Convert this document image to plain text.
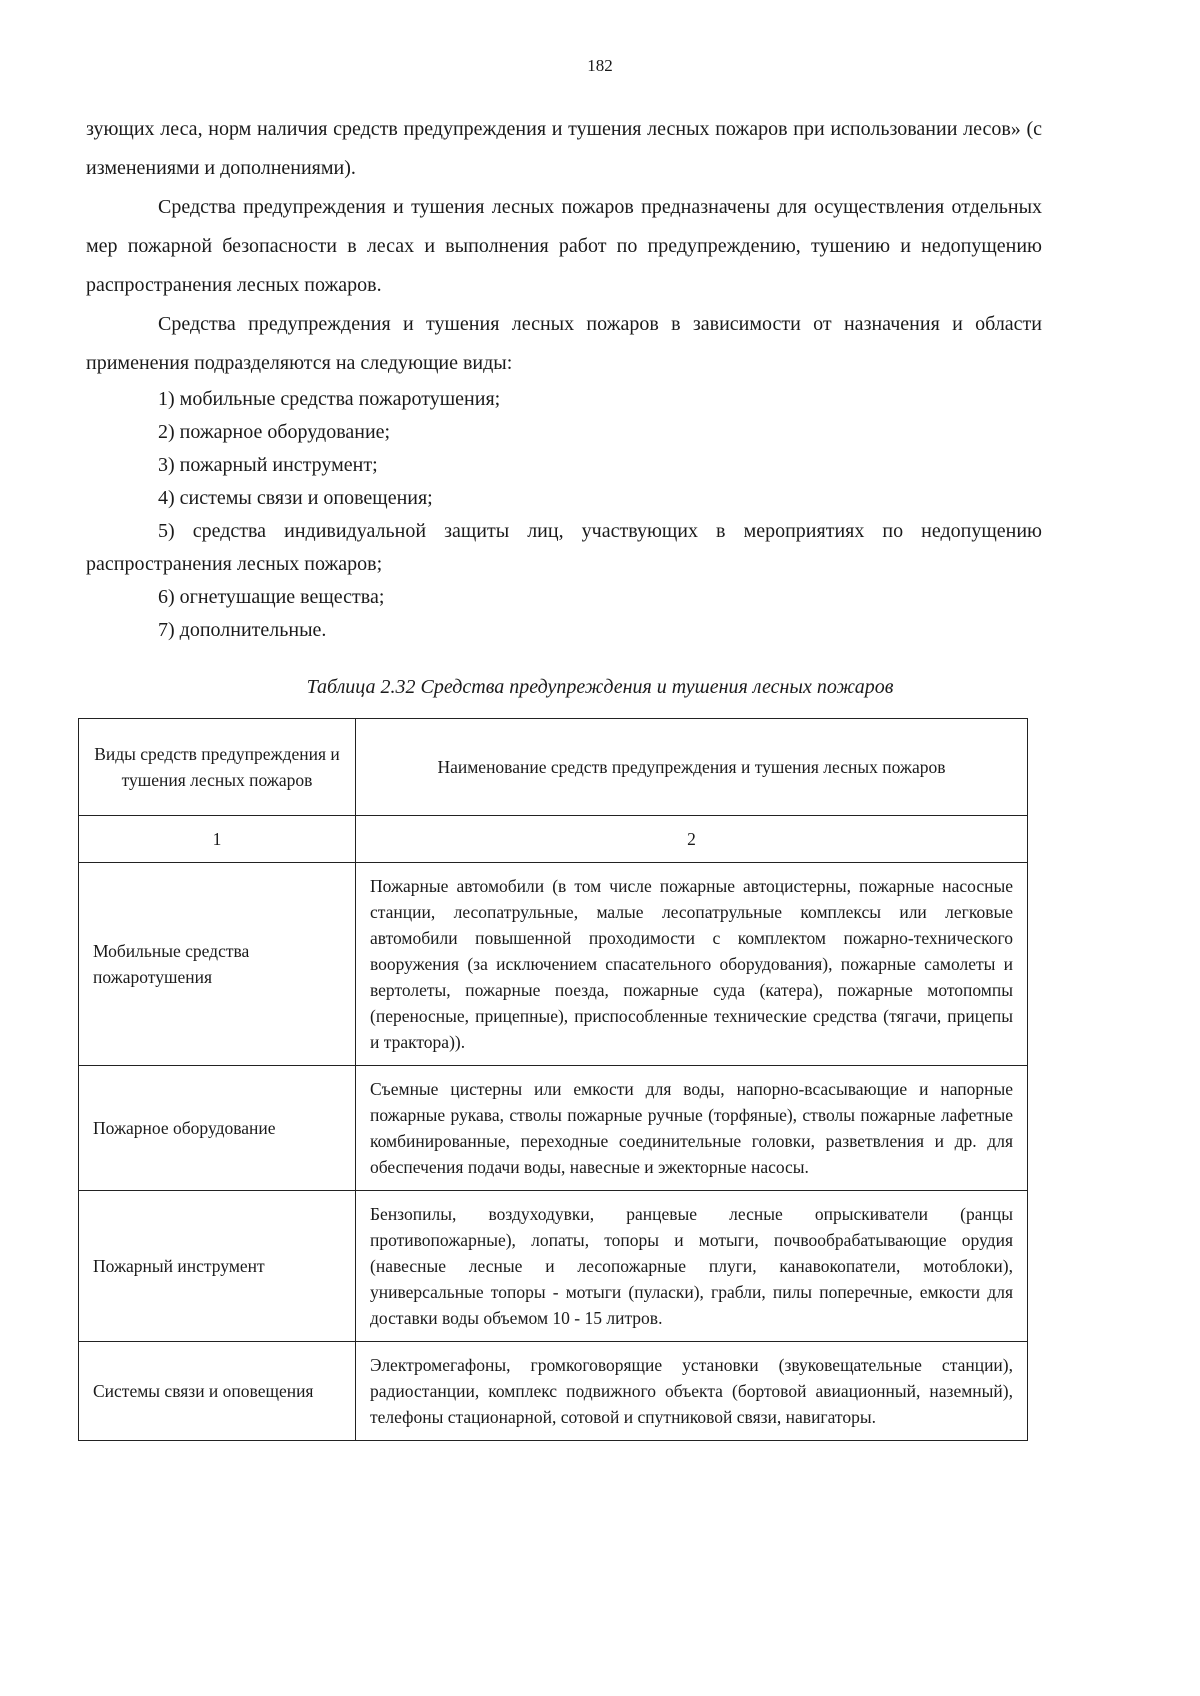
182

зующих леса, норм наличия средств предупреждения и тушения лесных пожаров при использовании лесов» (с изменениями и дополнениями).

Средства предупреждения и тушения лесных пожаров предназначены для осуществления отдельных мер пожарной безопасности в лесах и выполнения работ по предупреждению, тушению и недопущению распространения лесных пожаров.

Средства предупреждения и тушения лесных пожаров в зависимости от назначения и области применения подразделяются на следующие виды:

1) мобильные средства пожаротушения;
2) пожарное оборудование;
3) пожарный инструмент;
4) системы связи и оповещения;
5) средства индивидуальной защиты лиц, участвующих в мероприятиях по недопущению распространения лесных пожаров;
6) огнетушащие вещества;
7) дополнительные.
Таблица 2.32 Средства предупреждения и тушения лесных пожаров
Виды средств предупреждения и тушения лесных пожаров	Наименование средств предупреждения и тушения лесных пожаров
1	2
Мобильные средства пожаротушения	Пожарные автомобили (в том числе пожарные автоцистерны, пожарные насосные станции, лесопатрульные, малые лесопатрульные комплексы или легковые автомобили повышенной проходимости с комплектом пожарно-технического вооружения (за исключением спасательного оборудования), пожарные самолеты и вертолеты, пожарные поезда, пожарные суда (катера), пожарные мотопомпы (переносные, прицепные), приспособленные технические средства (тягачи, прицепы и трактора)).
Пожарное оборудование	Съемные цистерны или емкости для воды, напорно-всасывающие и напорные пожарные рукава, стволы пожарные ручные (торфяные), стволы пожарные лафетные комбинированные, переходные соединительные головки, разветвления и др. для обеспечения подачи воды, навесные и эжекторные насосы.
Пожарный инструмент	Бензопилы, воздуходувки, ранцевые лесные опрыскиватели (ранцы противопожарные), лопаты, топоры и мотыги, почвообрабатывающие орудия (навесные лесные и лесопожарные плуги, канавокопатели, мотоблоки), универсальные топоры - мотыги (пуласки), грабли, пилы поперечные, емкости для доставки воды объемом 10 - 15 литров.
Системы связи и оповещения	Электромегафоны, громкоговорящие установки (звуковещательные станции), радиостанции, комплекс подвижного объекта (бортовой авиационный, наземный), телефоны стационарной, сотовой и спутниковой связи, навигаторы.
